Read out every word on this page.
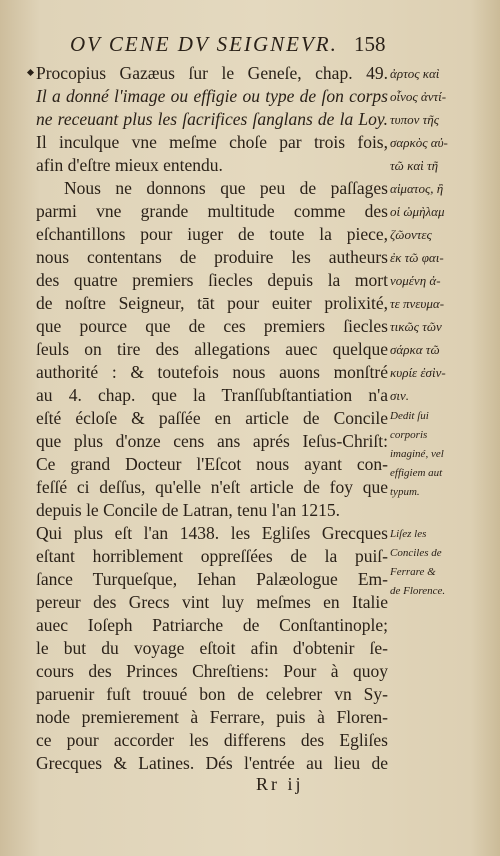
OV CENE DV SEIGNEVR. 158
Procopius Gazæus ſur le Geneſe, chap. 49.
Il a donné l'image ou effigie ou type de ſon corps
ne receuant plus les ſacrifices ſanglans de la Loy.
Il inculque vne meſme choſe par trois fois,
afin d'eſtre mieux entendu.
Nous ne donnons que peu de paſſages
parmi vne grande multitude comme des
eſchantillons pour iuger de toute la piece,
nous contentans de produire les autheurs
des quatre premiers ſiecles depuis la mort
de noſtre Seigneur, tāt pour euiter prolixité,
que pource que de ces premiers ſiecles
ſeuls on tire des allegations auec quelque
authorité : & toutefois nous auons monſtré
au 4. chap. que la Tranſſubſtantiation n'a
eſté écloſe & paſſée en article de Concile
que plus d'onze cens ans aprés Ieſus-Chriſt:
Ce grand Docteur l'Eſcot nous ayant con-
feſſé ci deſſus, qu'elle n'eſt article de foy que
depuis le Concile de Latran, tenu l'an 1215.
Qui plus eſt l'an 1438. les Egliſes Grecques
eſtant horriblement oppreſſées de la puiſ-
ſance Turqueſque, Iehan Palæologue Em-
pereur des Grecs vint luy meſmes en Italie
auec Ioſeph Patriarche de Conſtantinople;
le but du voyage eſtoit afin d'obtenir ſe-
cours des Princes Chreſtiens: Pour à quoy
paruenir fuſt trouué bon de celebrer vn Sy-
node premierement à Ferrare, puis à Floren-
ce pour accorder les differens des Egliſes
Grecques & Latines. Dés l'entrée au lieu de
ἀρτος καὶ
οἶνος ἀντί-
τυπον τῆς
σαρκὸς αὐ-
τῶ καὶ τῆ
αἱματος, ἢ
οἱ ὠμὴλαμ
ζῶοντες
ἐκ τῶ φαι-
νομένη ἀ-
τε πνευμα-
τικῶς τῶν
σάρκα τῶ
κυρίε ἐσὶν-
σιν.
Dedit ſui
corporis
imaginé, vel
effigiem aut
typum.
Liſez les
Conciles de
Ferrare &
de Florence.
Rr ij
